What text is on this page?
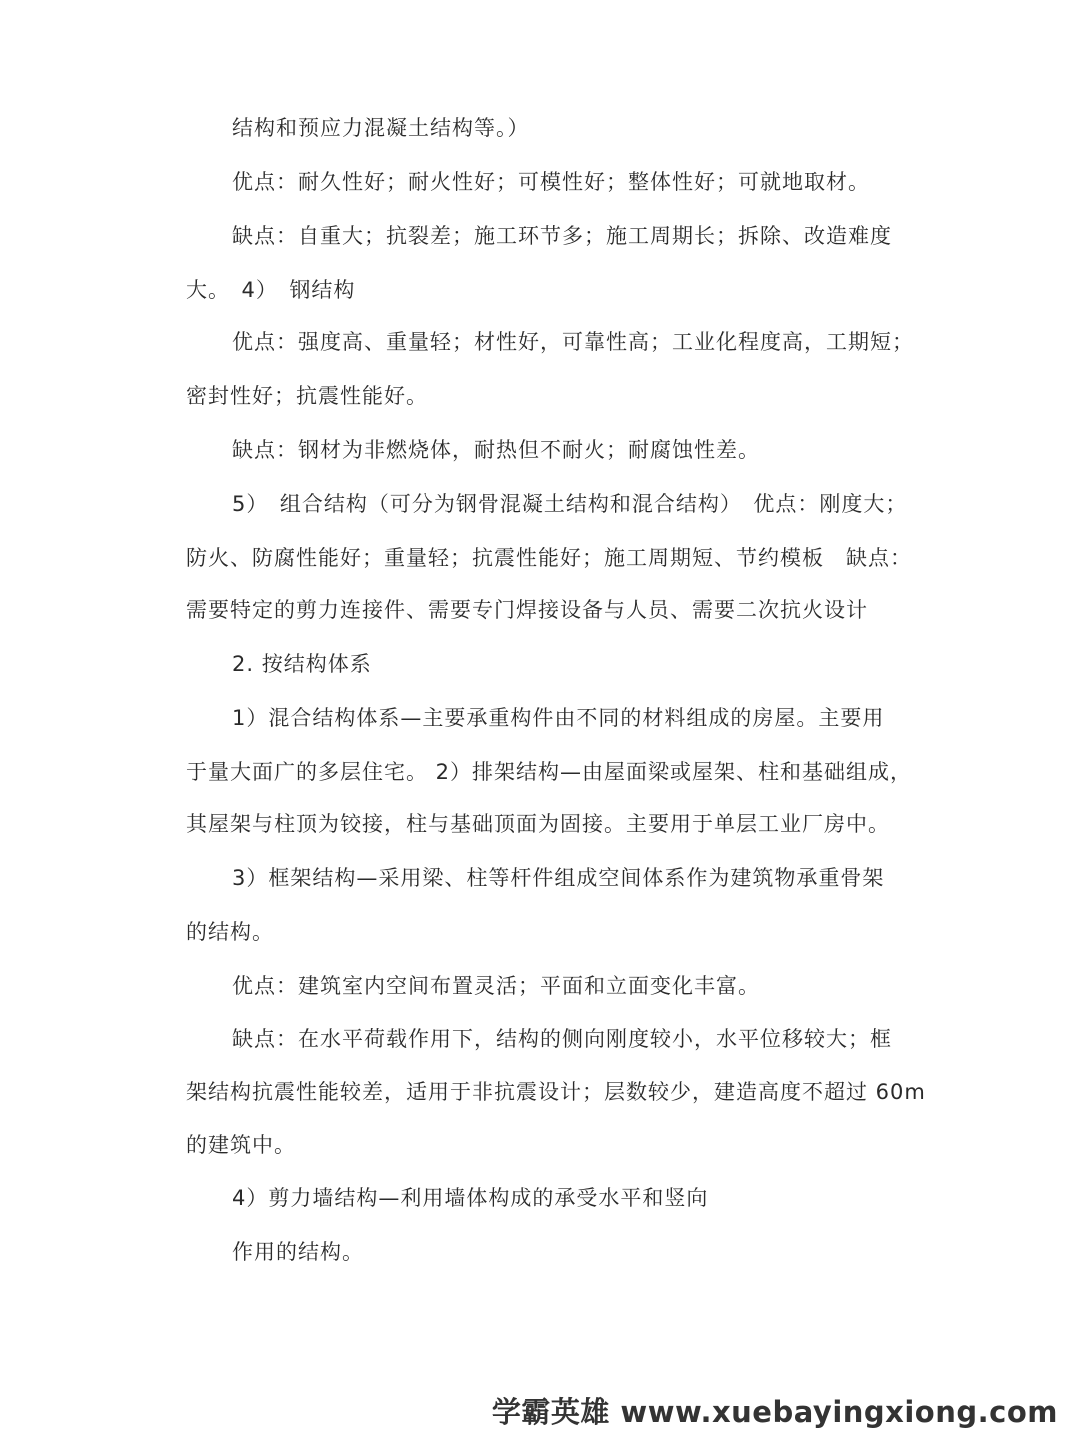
结构和预应力混凝土结构等。）
优点：耐久性好；耐火性好；可模性好；整体性好；可就地取材。
缺点：自重大；抗裂差；施工环节多；施工周期长；拆除、改造难度
大。　4）　钢结构
优点：强度高、重量轻；材性好，可靠性高；工业化程度高，工期短；
密封性好；抗震性能好。
缺点：钢材为非燃烧体，耐热但不耐火；耐腐蚀性差。
5）　组合结构（可分为钢骨混凝土结构和混合结构）　优点：刚度大；
防火、防腐性能好；重量轻；抗震性能好；施工周期短、节约模板　缺点：
需要特定的剪力连接件、需要专门焊接设备与人员、需要二次抗火设计
2. 按结构体系
1）混合结构体系—主要承重构件由不同的材料组成的房屋。主要用
于量大面广的多层住宅。 2）排架结构—由屋面梁或屋架、柱和基础组成，
其屋架与柱顶为铰接，柱与基础顶面为固接。主要用于单层工业厂房中。
3）框架结构—采用梁、柱等杆件组成空间体系作为建筑物承重骨架
的结构。
优点：建筑室内空间布置灵活；平面和立面变化丰富。
缺点：在水平荷载作用下，结构的侧向刚度较小，水平位移较大；框
架结构抗震性能较差，适用于非抗震设计；层数较少，建造高度不超过 60m
的建筑中。
4）剪力墙结构—利用墙体构成的承受水平和竖向
作用的结构。
学霸英雄 www.xuebayingxiong.com
